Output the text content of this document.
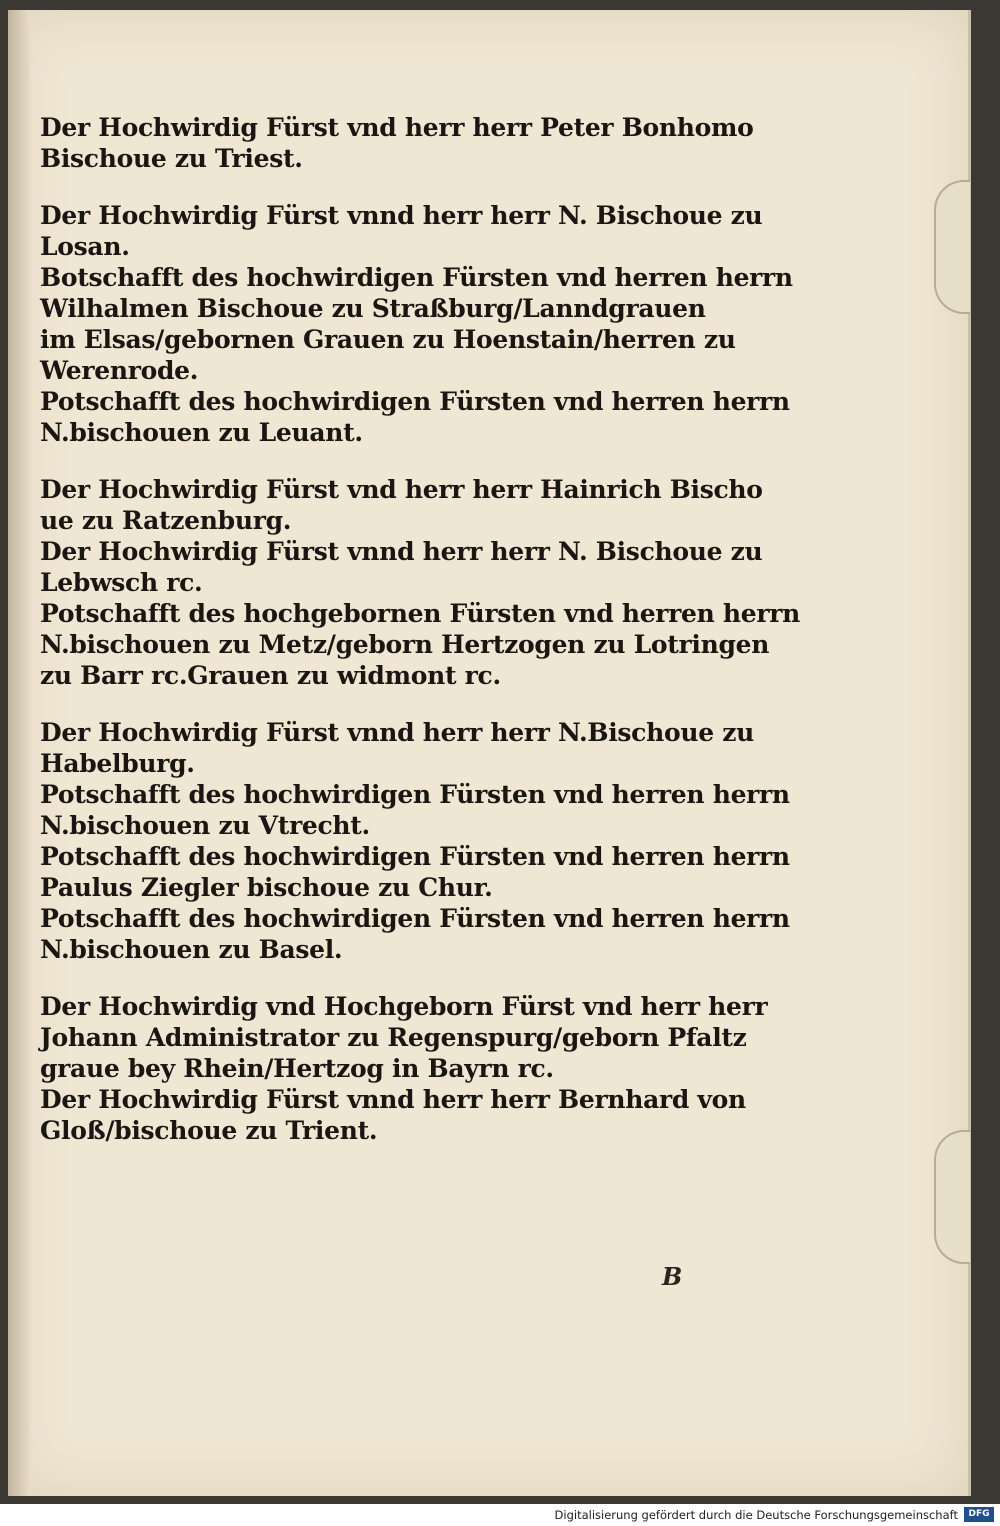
Der Hochwirdig Fürst vnd herr herr Peter Bonhomo
Bischoue zu Triest.
Der Hochwirdig Fürst vnnd herr herr N. Bischoue zu
Losan.
Botschafft des hochwirdigen Fürsten vnd herren herrn
Wilhalmen Bischoue zu Straßburg/Lanndgrauen
im Elsas/gebornen Grauen zu Hoenstain/herren zu
Werenrode.
Potschafft des hochwirdigen Fürsten vnd herren herrn
N.bischouen zu Leuant.
Der Hochwirdig Fürst vnd herr herr Hainrich Bischo
ue zu Ratzenburg.
Der Hochwirdig Fürst vnnd herr herr N. Bischoue zu
Lebwsch rc.
Potschafft des hochgebornen Fürsten vnd herren herrn
N.bischouen zu Metz/geborn Hertzogen zu Lotringen
zu Barr rc.Grauen zu widmont rc.
Der Hochwirdig Fürst vnnd herr herr N.Bischoue zu
Habelburg.
Potschafft des hochwirdigen Fürsten vnd herren herrn
N.bischouen zu Vtrecht.
Potschafft des hochwirdigen Fürsten vnd herren herrn
Paulus Ziegler bischoue zu Chur.
Potschafft des hochwirdigen Fürsten vnd herren herrn
N.bischouen zu Basel.
Der Hochwirdig vnd Hochgeborn Fürst vnd herr herr
Johann Administrator zu Regenspurg/geborn Pfaltz
graue bey Rhein/Hertzog in Bayrn rc.
Der Hochwirdig Fürst vnnd herr herr Bernhard von
Gloß/bischoue zu Trient.
B
Digitalisierung gefördert durch die Deutsche Forschungsgemeinschaft	DFG
